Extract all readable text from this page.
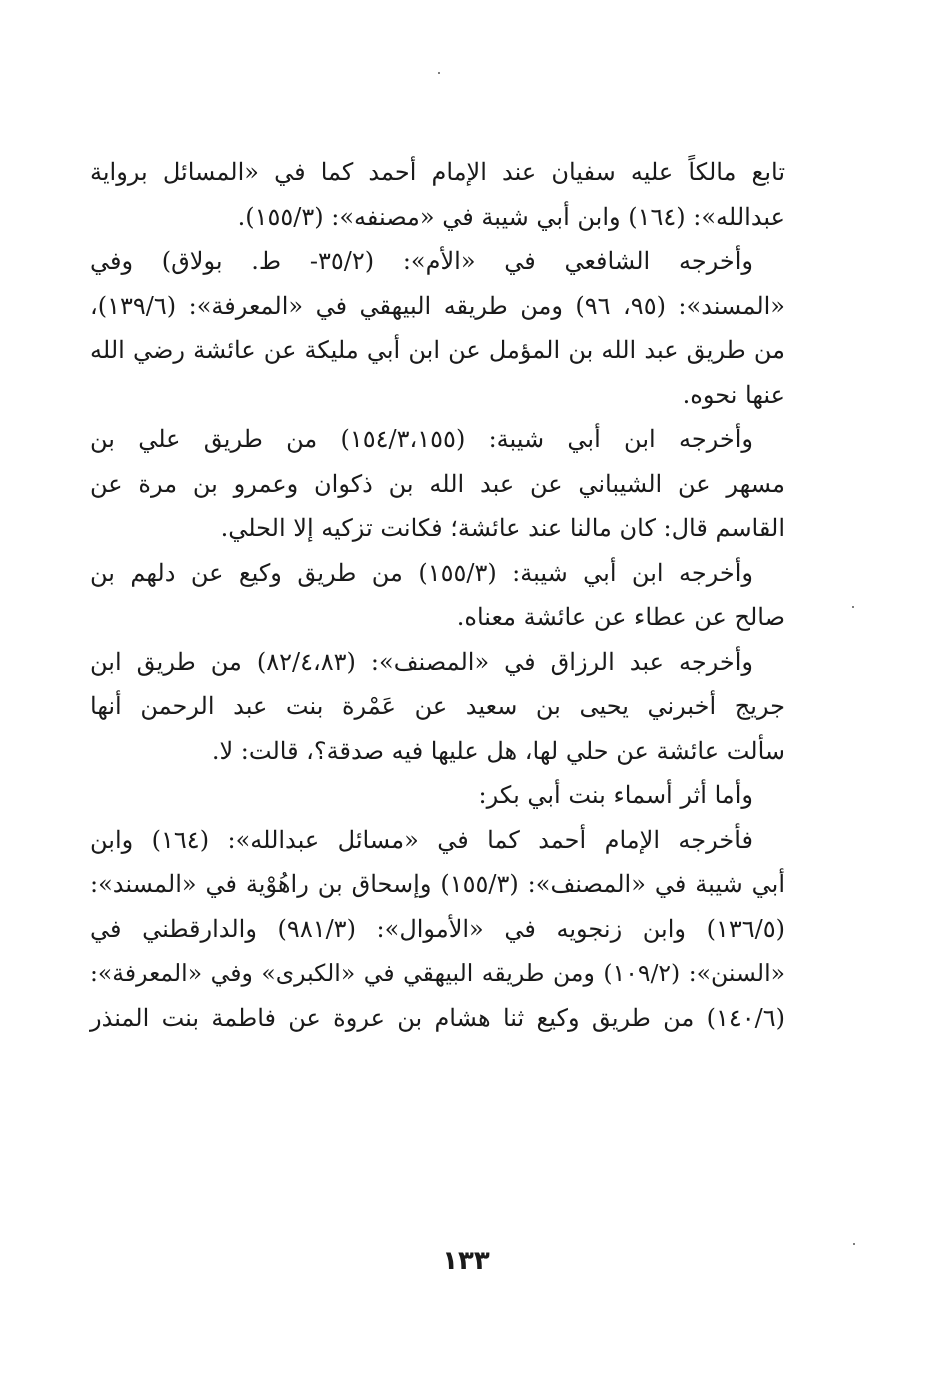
تابع مالكاً عليه سفيان عند الإمام أحمد كما في «المسائل برواية
عبدالله»: (١٦٤) وابن أبي شيبة في «مصنفه»: (١٥٥/٣).
وأخرجه الشافعي في «الأم»: (٣٥/٢- ط. بولاق) وفي
«المسند»: (٩٥، ٩٦) ومن طريقه البيهقي في «المعرفة»: (١٣٩/٦)،
من طريق عبد الله بن المؤمل عن ابن أبي مليكة عن عائشة رضي الله
عنها نحوه.
وأخرجه ابن أبي شيبة: (١٥٤/٣،١٥٥) من طريق علي بن
مسهر عن الشيباني عن عبد الله بن ذكوان وعمرو بن مرة عن
القاسم قال: كان مالنا عند عائشة؛ فكانت تزكيه إلا الحلي.
وأخرجه ابن أبي شيبة: (١٥٥/٣) من طريق وكيع عن دلهم بن
صالح عن عطاء عن عائشة معناه.
وأخرجه عبد الرزاق في «المصنف»: (٨٢/٤،٨٣) من طريق ابن
جريج أخبرني يحيى بن سعيد عن عَمْرة بنت عبد الرحمن أنها
سألت عائشة عن حلي لها، هل عليها فيه صدقة؟، قالت: لا.
وأما أثر أسماء بنت أبي بكر:
فأخرجه الإمام أحمد كما في «مسائل عبدالله»: (١٦٤) وابن
أبي شيبة في «المصنف»: (١٥٥/٣) وإسحاق بن راهُوْية في «المسند»:
(١٣٦/٥) وابن زنجويه في «الأموال»: (٩٨١/٣) والدارقطني في
«السنن»: (١٠٩/٢) ومن طريقه البيهقي في «الكبرى» وفي «المعرفة»:
(١٤٠/٦) من طريق وكيع ثنا هشام بن عروة عن فاطمة بنت المنذر
١٣٣
